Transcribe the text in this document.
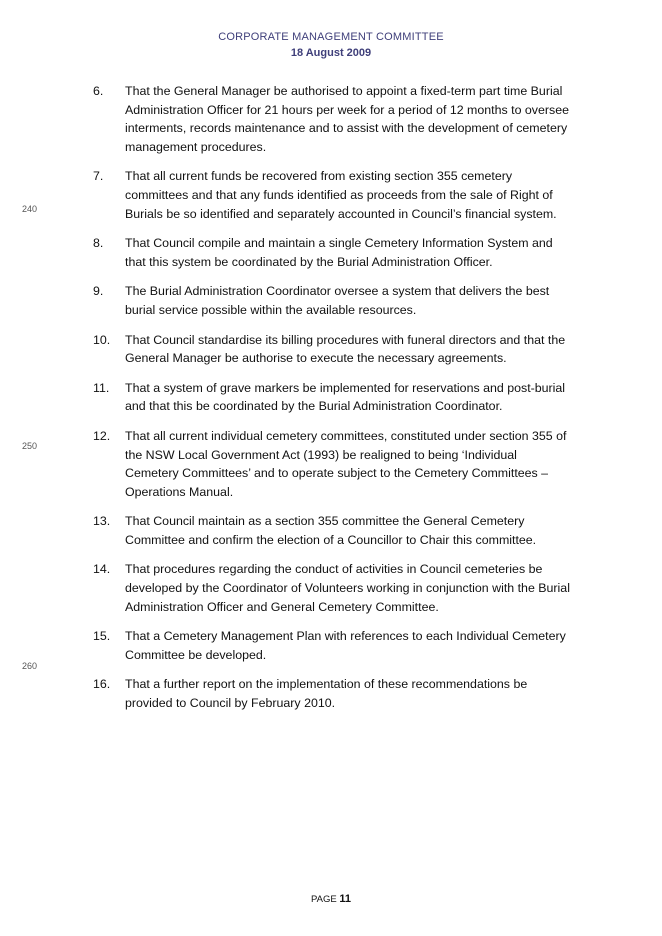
CORPORATE MANAGEMENT COMMITTEE
18 August 2009
240
250
260
6.	That the General Manager be authorised to appoint a fixed-term part time Burial Administration Officer for 21 hours per week for a period of 12 months to oversee interments, records maintenance and to assist with the development of cemetery management procedures.
7.	That all current funds be recovered from existing section 355 cemetery committees and that any funds identified as proceeds from the sale of Right of Burials be so identified and separately accounted in Council’s financial system.
8.	That Council compile and maintain a single Cemetery Information System and that this system be coordinated by the Burial Administration Officer.
9.	The Burial Administration Coordinator oversee a system that delivers the best burial service possible within the available resources.
10.	That Council standardise its billing procedures with funeral directors and that the General Manager be authorise to execute the necessary agreements.
11.	That a system of grave markers be implemented for reservations and post-burial and that this be coordinated by the Burial Administration Coordinator.
12.	That all current individual cemetery committees, constituted under section 355 of the NSW Local Government Act (1993) be realigned to being ‘Individual Cemetery Committees’ and to operate subject to the Cemetery Committees – Operations Manual.
13.	That Council maintain as a section 355 committee the General Cemetery Committee and confirm the election of a Councillor to Chair this committee.
14.	That procedures regarding the conduct of activities in Council cemeteries be developed by the Coordinator of Volunteers working in conjunction with the Burial Administration Officer and General Cemetery Committee.
15.	That a Cemetery Management Plan with references to each Individual Cemetery Committee be developed.
16.	That a further report on the implementation of these recommendations be provided to Council by February 2010.
PAGE 11
